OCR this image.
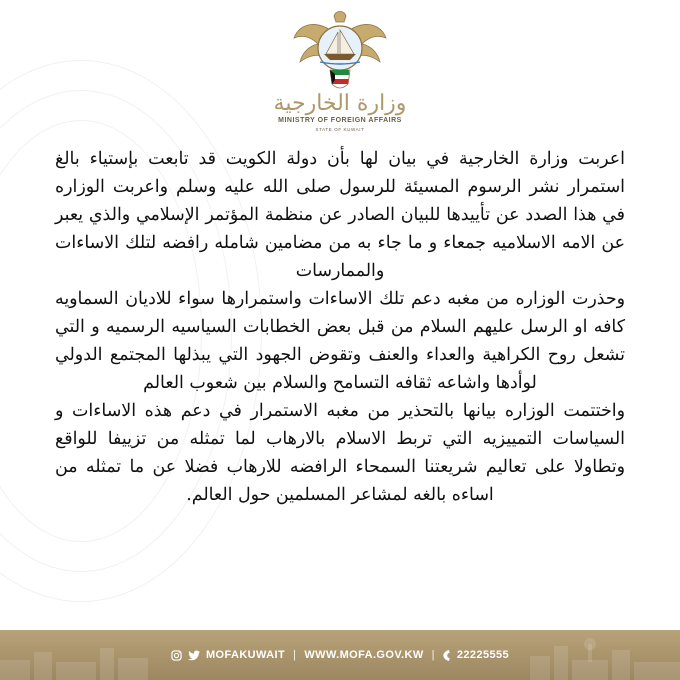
وزارة الخارجية
MINISTRY OF FOREIGN AFFAIRS
STATE OF KUWAIT

اعربت وزارة الخارجية في بيان لها بأن دولة الكويت قد تابعت بإستياء بالغ استمرار نشر الرسوم المسيئة للرسول صلى الله عليه وسلم واعربت الوزاره في هذا الصدد عن تأييدها للبيان الصادر عن منظمة المؤتمر الإسلامي والذي يعبر عن الامه الاسلاميه جمعاء و ما جاء به من مضامين شامله رافضه لتلك الاساءات والممارسات

وحذرت الوزاره من مغبه دعم تلك الاساءات واستمرارها سواء للاديان السماويه كافه او الرسل عليهم السلام من قبل بعض الخطابات السياسيه الرسميه و التي تشعل روح الكراهية والعداء والعنف وتقوض الجهود التي يبذلها المجتمع الدولي لوأدها واشاعه ثقافه التسامح والسلام بين شعوب العالم

واختتمت الوزاره بيانها بالتحذير من مغبه الاستمرار في دعم هذه الاساءات و السياسات التمييزيه التي تربط الاسلام بالارهاب لما تمثله من تزييفا للواقع وتطاولا على تعاليم شريعتنا السمحاء الرافضه للارهاب فضلا عن ما تمثله من اساءه بالغه لمشاعر المسلمين حول العالم.

MOFAKUWAIT | WWW.MOFA.GOV.KW | 22225555
